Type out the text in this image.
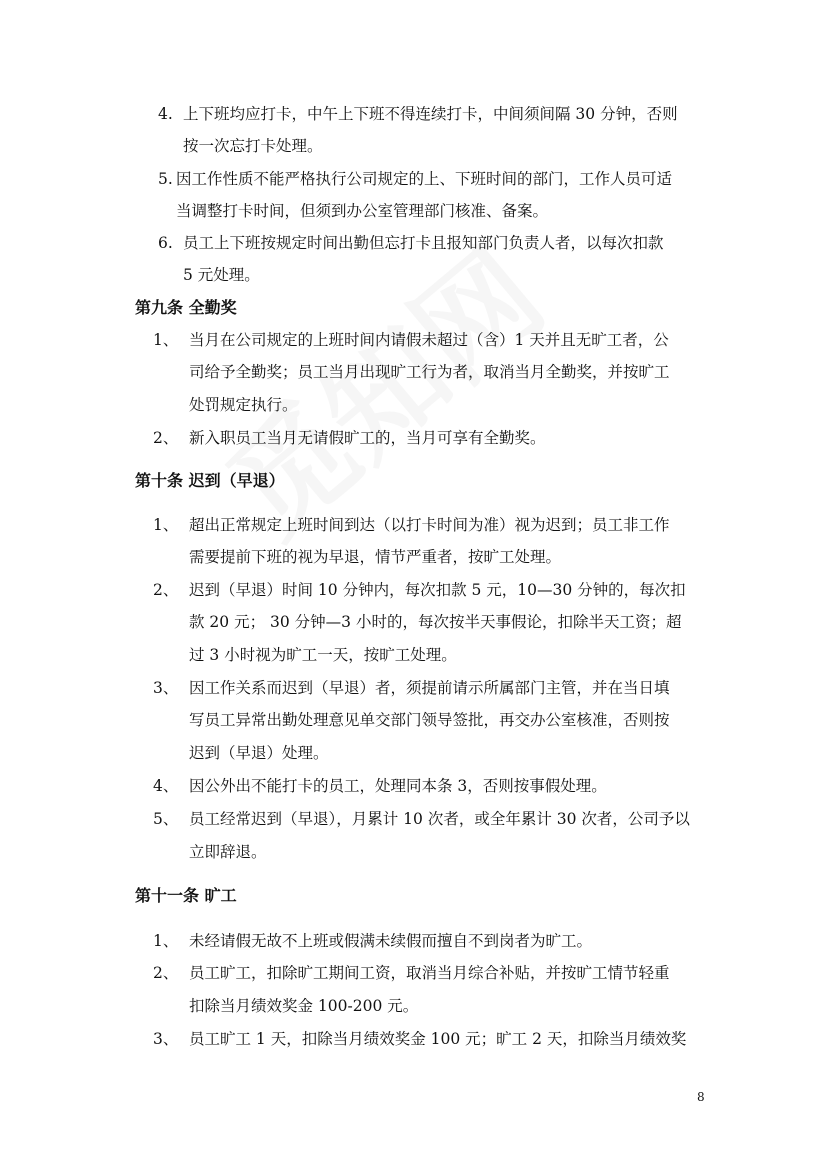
4. 上下班均应打卡，中午上下班不得连续打卡，中间须间隔 30 分钟，否则
按一次忘打卡处理。
5. 因工作性质不能严格执行公司规定的上、下班时间的部门，工作人员可适
当调整打卡时间，但须到办公室管理部门核准、备案。
6. 员工上下班按规定时间出勤但忘打卡且报知部门负责人者，以每次扣款
5 元处理。
第九条 全勤奖
1、 当月在公司规定的上班时间内请假未超过（含）1 天并且无旷工者，公
司给予全勤奖；员工当月出现旷工行为者，取消当月全勤奖，并按旷工
处罚规定执行。
2、 新入职员工当月无请假旷工的，当月可享有全勤奖。
第十条 迟到（早退）
1、 超出正常规定上班时间到达（以打卡时间为准）视为迟到；员工非工作
需要提前下班的视为早退，情节严重者，按旷工处理。
2、 迟到（早退）时间 10 分钟内，每次扣款 5 元，10—30 分钟的，每次扣
款 20 元； 30 分钟—3 小时的，每次按半天事假论，扣除半天工资；超
过 3 小时视为旷工一天，按旷工处理。
3、 因工作关系而迟到（早退）者，须提前请示所属部门主管，并在当日填
写员工异常出勤处理意见单交部门领导签批，再交办公室核准，否则按
迟到（早退）处理。
4、 因公外出不能打卡的员工，处理同本条 3，否则按事假处理。
5、 员工经常迟到（早退），月累计 10 次者，或全年累计 30 次者，公司予以
立即辞退。
第十一条 旷工
1、 未经请假无故不上班或假满未续假而擅自不到岗者为旷工。
2、 员工旷工，扣除旷工期间工资，取消当月综合补贴，并按旷工情节轻重
扣除当月绩效奖金 100-200 元。
3、 员工旷工 1 天，扣除当月绩效奖金 100 元；旷工 2 天，扣除当月绩效奖
8
